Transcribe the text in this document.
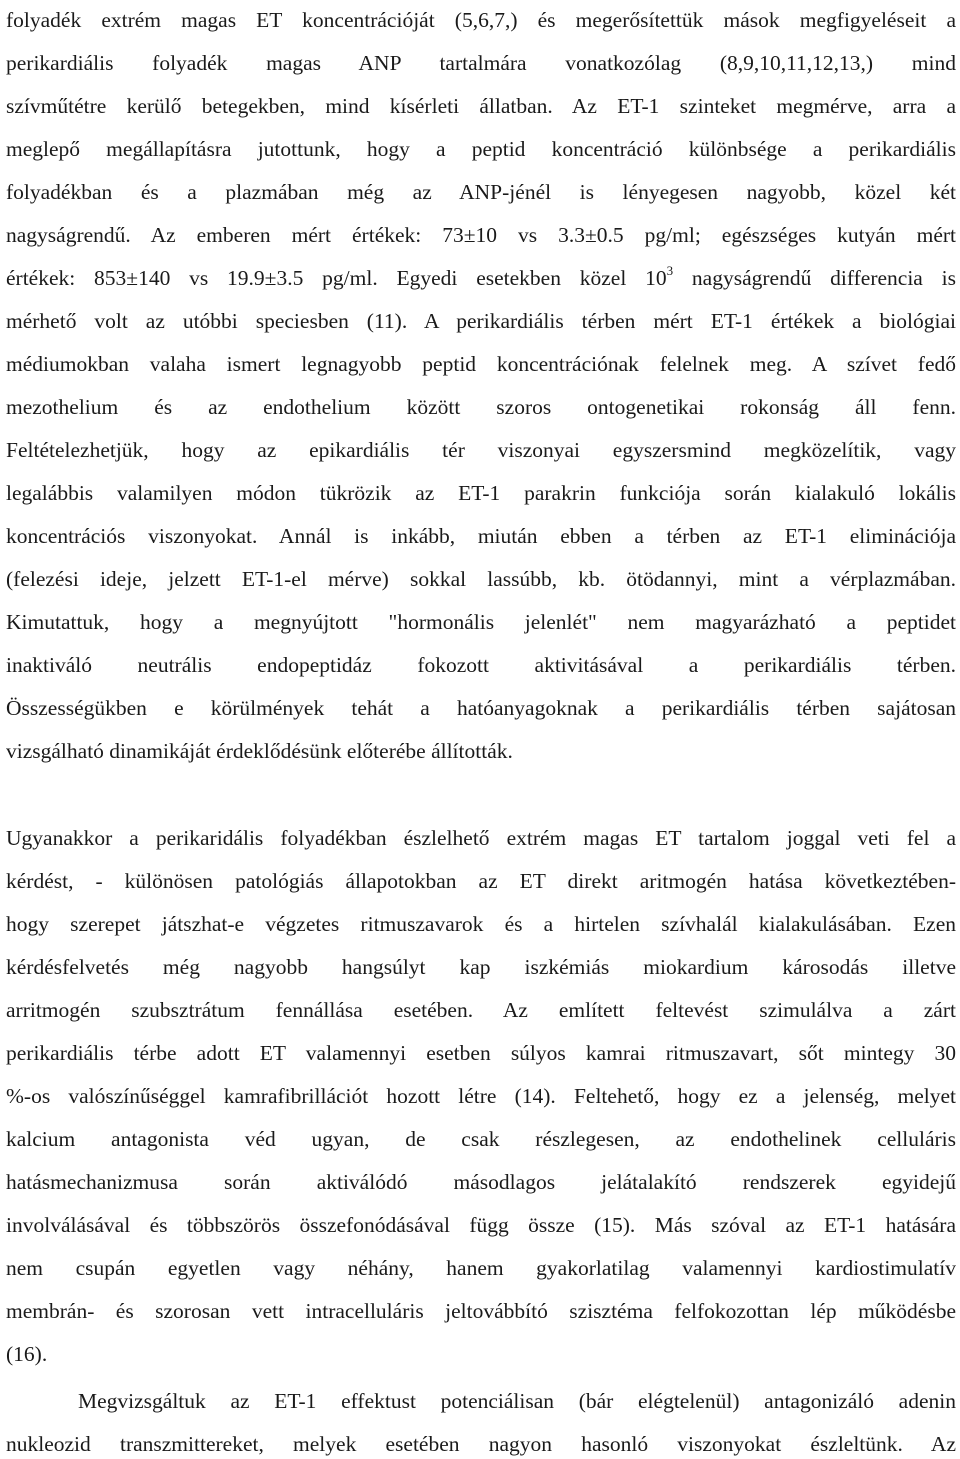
folyadék extrém magas ET koncentrációját (5,6,7,) és megerősítettük mások megfigyeléseit a
perikardiális folyadék magas ANP tartalmára vonatkozólag (8,9,10,11,12,13,) mind
szívműtétre kerülő betegekben, mind kísérleti állatban. Az ET-1 szinteket megmérve, arra a
meglepő megállapításra jutottunk, hogy a peptid koncentráció különbsége a perikardiális
folyadékban és a plazmában még az ANP-jénél is lényegesen nagyobb, közel két
nagyságrendű. Az emberen mért értékek: 73±10 vs 3.3±0.5 pg/ml; egészséges kutyán mért
értékek: 853±140 vs 19.9±3.5 pg/ml. Egyedi esetekben közel $10^3$ nagyságrendű differencia is
mérhető volt az utóbbi speciesben (11). A perikardiális térben mért ET-1 értékek a biológiai
médiumokban valaha ismert legnagyobb peptid koncentrációnak felelnek meg. A szívet fedő
mezothelium és az endothelium között szoros ontogenetikai rokonság áll fenn.
Feltételezhetjük, hogy az epikardiális tér viszonyai egyszersmind megközelítik, vagy
legalábbis valamilyen módon tükrözik az ET-1 parakrin funkciója során kialakuló lokális
koncentrációs viszonyokat. Annál is inkább, miután ebben a térben az ET-1 eliminációja
(felezési ideje, jelzett ET-1-el mérve) sokkal lassúbb, kb. ötödannyi, mint a vérplazmában.
Kimutattuk, hogy a megnyújtott "hormonális jelenlét" nem magyarázható a peptidet
inaktiváló neutrális endopeptidáz fokozott aktivitásával a perikardiális térben.
Összességükben e körülmények tehát a hatóanyagoknak a perikardiális térben sajátosan
vizsgálható dinamikáját érdeklődésünk előterébe állították.
Ugyanakkor a perikaridális folyadékban észlelhető extrém magas ET tartalom joggal veti fel a
kérdést, - különösen patológiás állapotokban az ET direkt aritmogén hatása következtében-
hogy szerepet játszhat-e végzetes ritmuszavarok és a hirtelen szívhalál kialakulásában. Ezen
kérdésfelvetés még nagyobb hangsúlyt kap iszkémiás miokardium károsodás illetve
arritmogén szubsztrátum fennállása esetében. Az említett feltevést szimulálva a zárt
perikardiális térbe adott ET valamennyi esetben súlyos kamrai ritmuszavart, sőt mintegy 30
%-os valószínűséggel kamrafibrillációt hozott létre (14). Feltehető, hogy ez a jelenség, melyet
kalcium antagonista véd ugyan, de csak részlegesen, az endothelinek celluláris
hatásmechanizmusa során aktiválódó másodlagos jelátalakító rendszerek egyidejű
involválásával és többszörös összefonódásával függ össze (15). Más szóval az ET-1 hatására
nem csupán egyetlen vagy néhány, hanem gyakorlatilag valamennyi kardiostimulatív
membrán- és szorosan vett intracelluláris jeltovábbító szisztéma felfokozottan lép működésbe
(16).
Megvizsgáltuk az ET-1 effektust potenciálisan (bár elégtelenül) antagonizáló adenin
nukleozid transzmittereket, melyek esetében nagyon hasonló viszonyokat észleltünk. Az
